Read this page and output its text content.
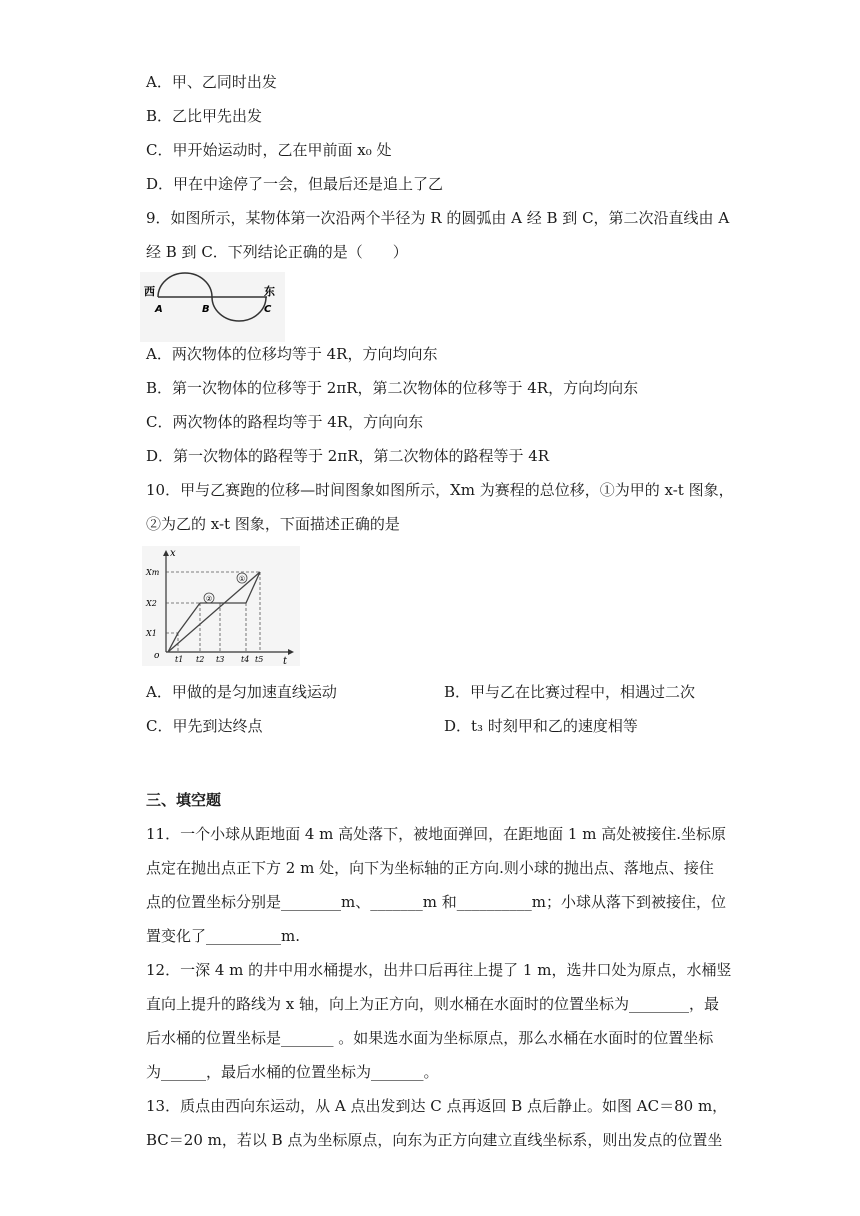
A．甲、乙同时出发
B．乙比甲先出发
C．甲开始运动时，乙在甲前面 x₀ 处
D．甲在中途停了一会，但最后还是追上了乙
9．如图所示，某物体第一次沿两个半径为 R 的圆弧由 A 经 B 到 C，第二次沿直线由 A
经 B 到 C．下列结论正确的是（　　）
西	东
A	B	C
A．两次物体的位移均等于 4R，方向均向东
B．第一次物体的位移等于 2πR，第二次物体的位移等于 4R，方向均向东
C．两次物体的路程均等于 4R，方向向东
D．第一次物体的路程等于 2πR，第二次物体的路程等于 4R
10．甲与乙赛跑的位移—时间图象如图所示，Xm 为赛程的总位移，①为甲的 x-t 图象，
②为乙的 x-t 图象，下面描述正确的是
①
②
x
t
o
Xm
X2
X1
t1 t2 t3 t4 t5
A．甲做的是匀加速直线运动	B．甲与乙在比赛过程中，相遇过二次
C．甲先到达终点	D．t₃ 时刻甲和乙的速度相等
三、填空题
11．一个小球从距地面 4 m 高处落下，被地面弹回，在距地面 1 m 高处被接住.坐标原
点定在抛出点正下方 2 m 处，向下为坐标轴的正方向.则小球的抛出点、落地点、接住
点的位置坐标分别是________m、_______m 和__________m；小球从落下到被接住，位
置变化了__________m.
12．一深 4 m 的井中用水桶提水，出井口后再往上提了 1 m，选井口处为原点，水桶竖
直向上提升的路线为 x 轴，向上为正方向，则水桶在水面时的位置坐标为________，最
后水桶的位置坐标是_______ 。如果选水面为坐标原点，那么水桶在水面时的位置坐标
为______，最后水桶的位置坐标为_______。
13．质点由西向东运动，从 A 点出发到达 C 点再返回 B 点后静止。如图 AC＝80 m，
BC＝20 m，若以 B 点为坐标原点，向东为正方向建立直线坐标系，则出发点的位置坐
